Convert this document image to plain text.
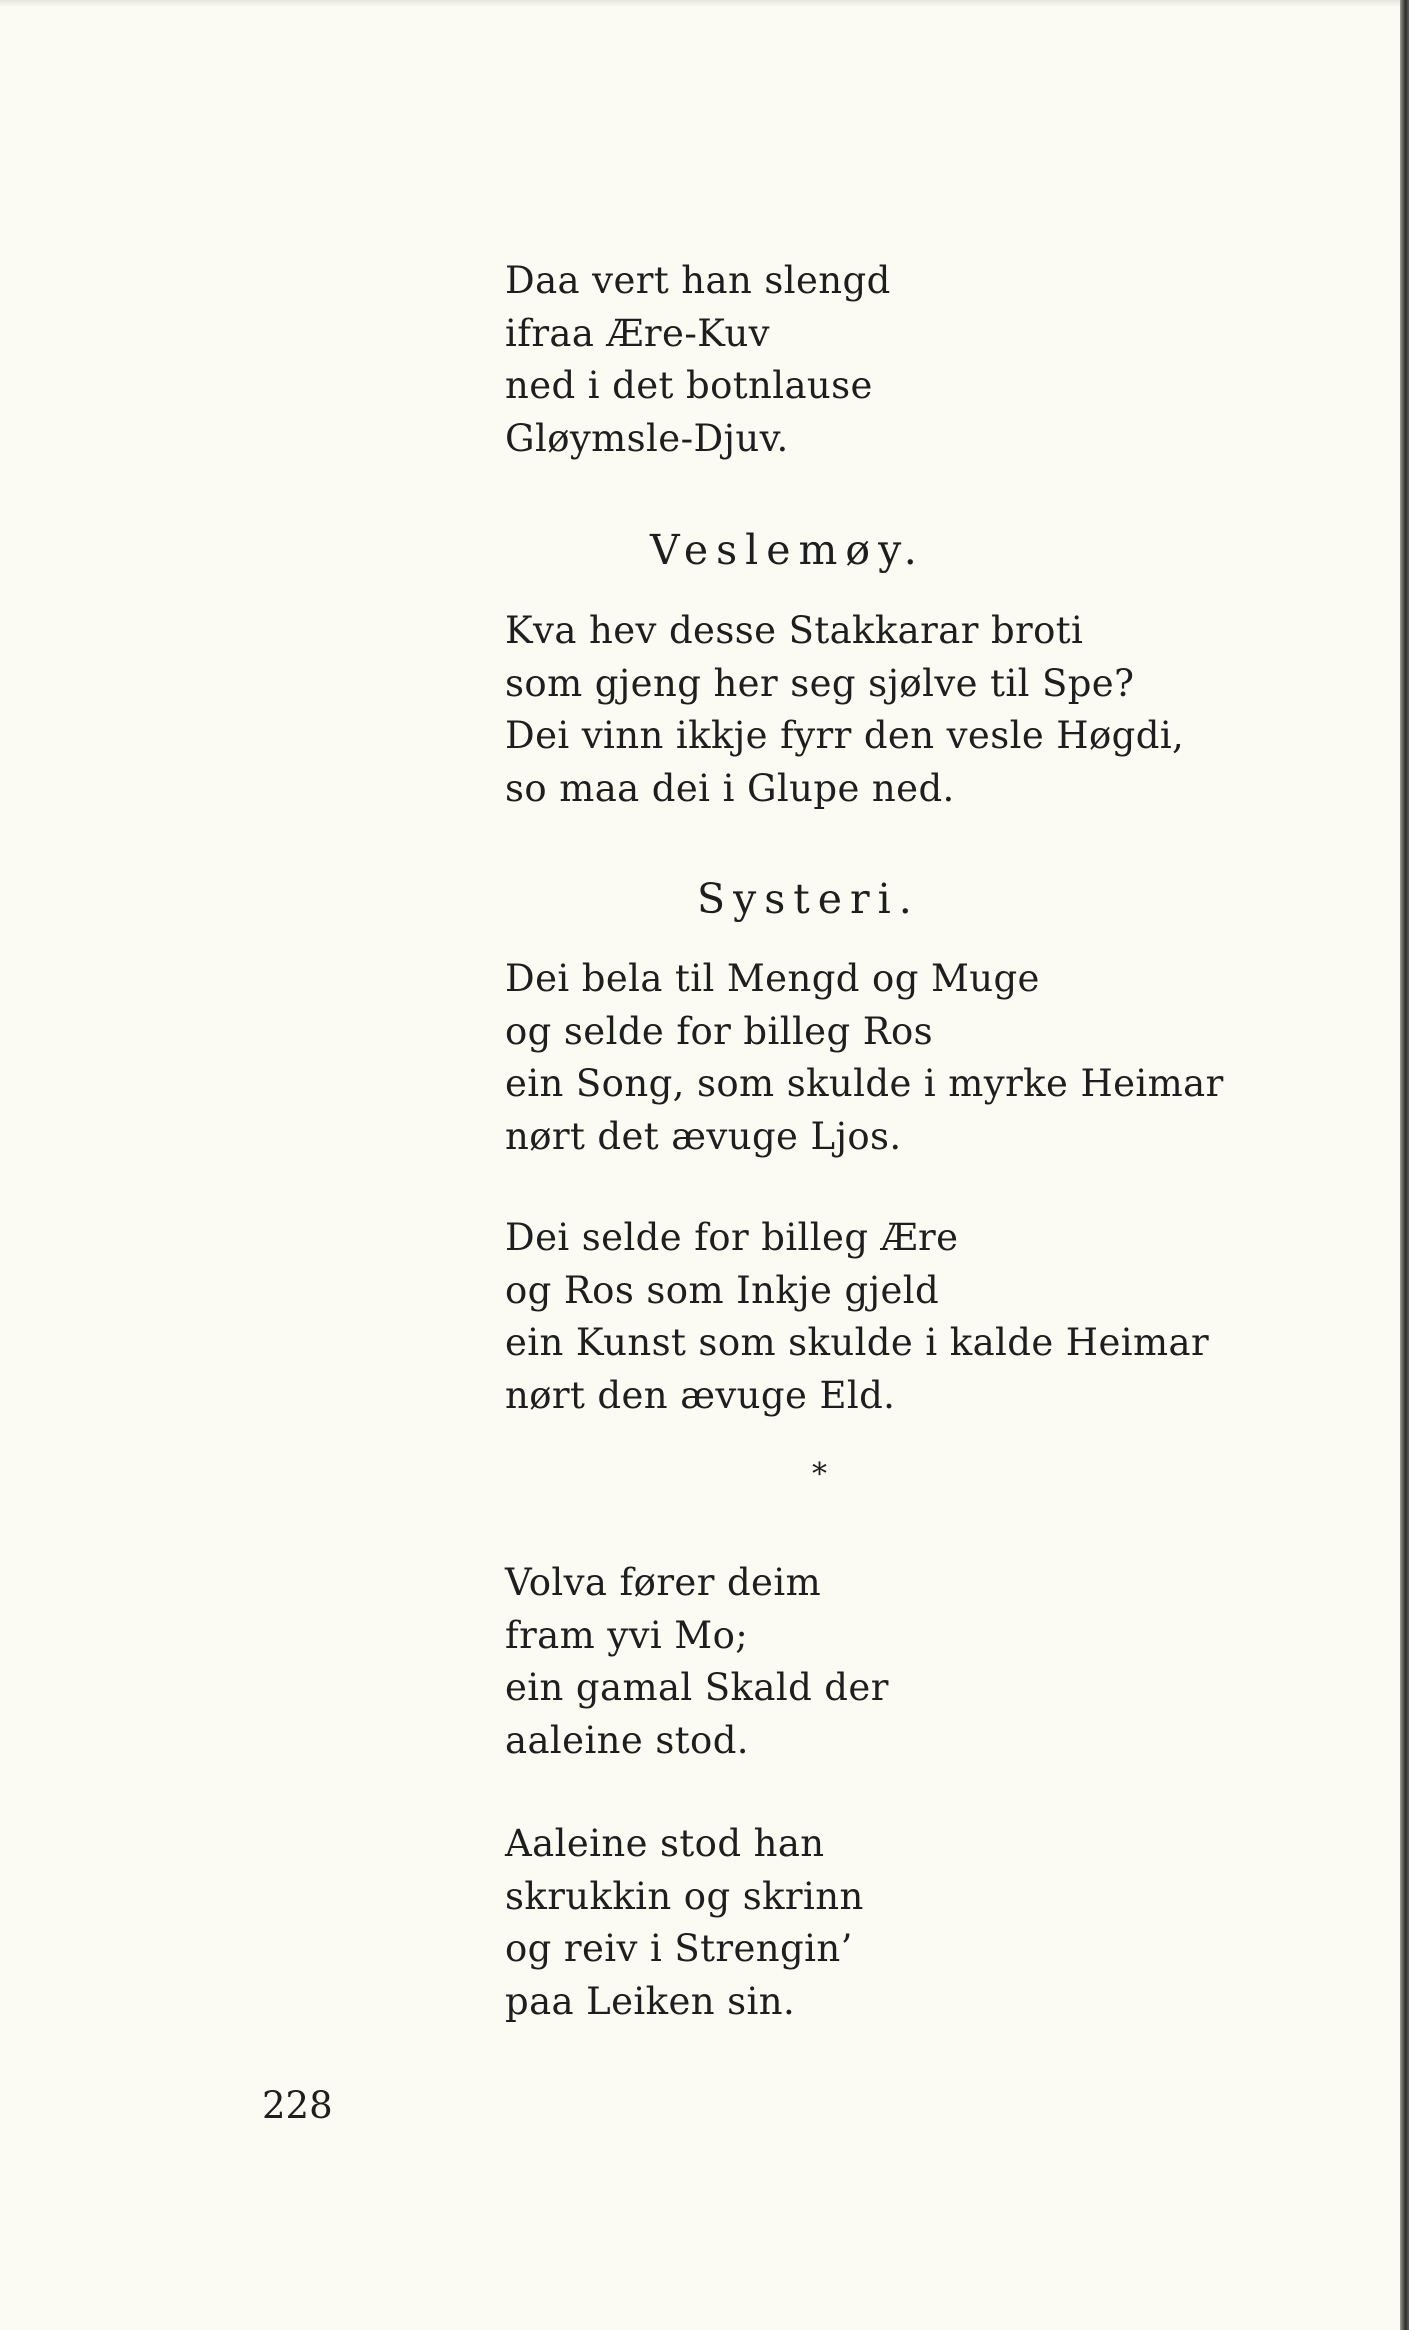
Daa vert han slengd
ifraa Ære-Kuv
ned i det botnlause
Gløymsle-Djuv.
Veslemøy.
Kva hev desse Stakkarar broti
som gjeng her seg sjølve til Spe?
Dei vinn ikkje fyrr den vesle Høgdi,
so maa dei i Glupe ned.
Systeri.
Dei bela til Mengd og Muge
og selde for billeg Ros
ein Song, som skulde i myrke Heimar
nørt det ævuge Ljos.
Dei selde for billeg Ære
og Ros som Inkje gjeld
ein Kunst som skulde i kalde Heimar
nørt den ævuge Eld.
*
Volva fører deim
fram yvi Mo;
ein gamal Skald der
aaleine stod.
Aaleine stod han
skrukkin og skrinn
og reiv i Strengin’
paa Leiken sin.
228
